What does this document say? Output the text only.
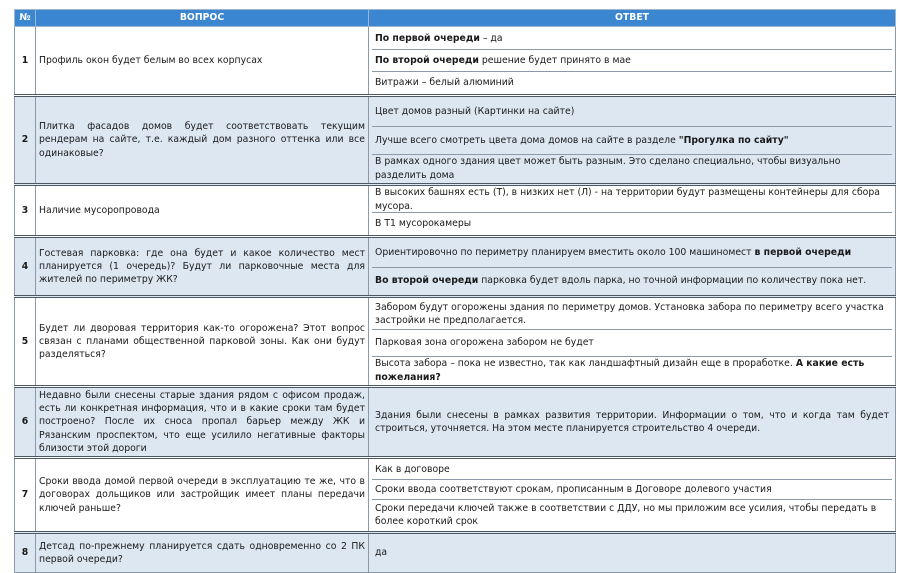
№	ВОПРОС	ОТВЕТ
1	Профиль окон будет белым во всех корпусах	По первой очереди – да
По второй очереди решение будет принято в мае
Витражи – белый алюминий

2	Плитка фасадов домов будет соответствовать текущим рендерам на сайте, т.е. каждый дом разного оттенка или все одинаковые?	Цвет домов разный (Картинки на сайте)
Лучше всего смотреть цвета дома домов на сайте в разделе "Прогулка по сайту"
В рамках одного здания цвет может быть разным. Это сделано специально, чтобы визуально разделить дома

3	Наличие мусоропровода	В высоких башнях есть (Т), в низких нет (Л) - на территории будут размещены контейнеры для сбора мусора.
В Т1 мусорокамеры

4	Гостевая парковка: где она будет и какое количество мест планируется (1 очередь)? Будут ли парковочные места для жителей по периметру ЖК?	Ориентировочно по периметру планируем вместить около 100 машиномест в первой очереди
Во второй очереди парковка будет вдоль парка, но точной информации по количеству пока нет.

5	Будет ли дворовая территория как-то огорожена? Этот вопрос связан с планами общественной парковой зоны. Как они будут разделяться?	Забором будут огорожены здания по периметру домов. Установка забора по периметру всего участка застройки не предполагается.
Парковая зона огорожена забором не будет
Высота забора – пока не известно, так как ландшафтный дизайн еще в проработке. А какие есть пожелания?

6	Недавно были снесены старые здания рядом с офисом продаж, есть ли конкретная информация, что и в какие сроки там будет построено? После их сноса пропал барьер между ЖК и Рязанским проспектом, что еще усилило негативные факторы близости этой дороги	Здания были снесены в рамках развития территории. Информации о том, что и когда там будет строиться, уточняется. На этом месте планируется строительство 4 очереди.

7	Сроки ввода домой первой очереди в эксплуатацию те же, что в договорах дольщиков или застройщик имеет планы передачи ключей раньше?	Как в договоре
Сроки ввода соответствуют срокам, прописанным в Договоре долевого участия
Сроки передачи ключей также в соответствии с ДДУ, но мы приложим все усилия, чтобы передать в более короткий срок

8	Детсад по-прежнему планируется сдать одновременно со 2 ПК первой очереди?	да
